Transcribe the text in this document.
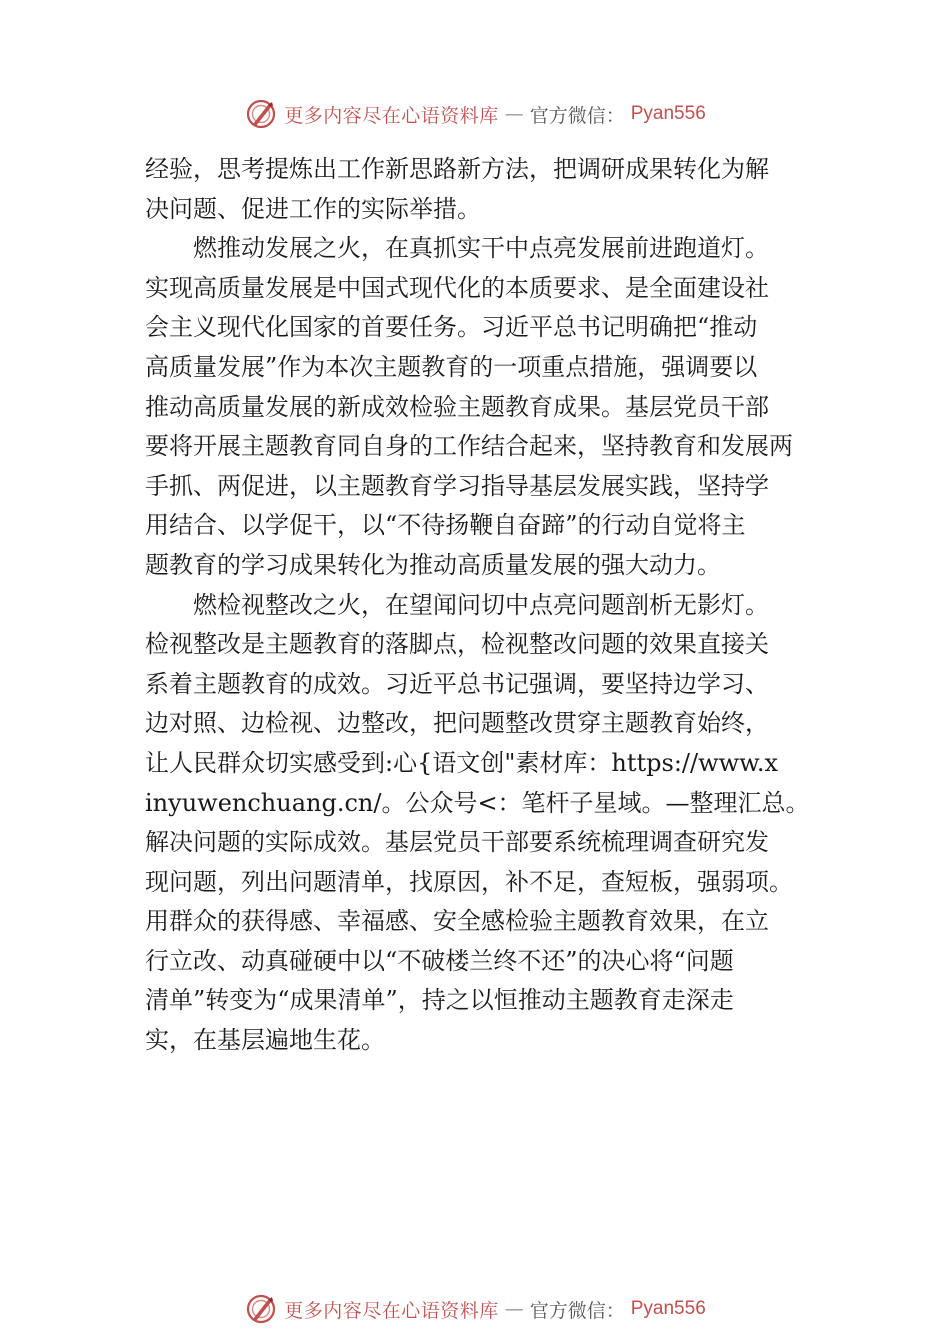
更多内容尽在心语资料库 — 官方微信： Pyan556
经验，思考提炼出工作新思路新方法，把调研成果转化为解
决问题、促进工作的实际举措。
燃推动发展之火，在真抓实干中点亮发展前进跑道灯。
实现高质量发展是中国式现代化的本质要求、是全面建设社
会主义现代化国家的首要任务。习近平总书记明确把“推动
高质量发展”作为本次主题教育的一项重点措施，强调要以
推动高质量发展的新成效检验主题教育成果。基层党员干部
要将开展主题教育同自身的工作结合起来，坚持教育和发展两
手抓、两促进，以主题教育学习指导基层发展实践，坚持学
用结合、以学促干，以“不待扬鞭自奋蹄”的行动自觉将主
题教育的学习成果转化为推动高质量发展的强大动力。
燃检视整改之火，在望闻问切中点亮问题剖析无影灯。
检视整改是主题教育的落脚点，检视整改问题的效果直接关
系着主题教育的成效。习近平总书记强调，要坚持边学习、
边对照、边检视、边整改，把问题整改贯穿主题教育始终，
让人民群众切实感受到:心{语文创"素材库：https://www.x
inyuwenchuang.cn/。公众号<：笔杆子星域。—整理汇总。
解决问题的实际成效。基层党员干部要系统梳理调查研究发
现问题，列出问题清单，找原因，补不足，查短板，强弱项。
用群众的获得感、幸福感、安全感检验主题教育效果，在立
行立改、动真碰硬中以“不破楼兰终不还”的决心将“问题
清单”转变为“成果清单”，持之以恒推动主题教育走深走
实，在基层遍地生花。
更多内容尽在心语资料库 — 官方微信： Pyan556
